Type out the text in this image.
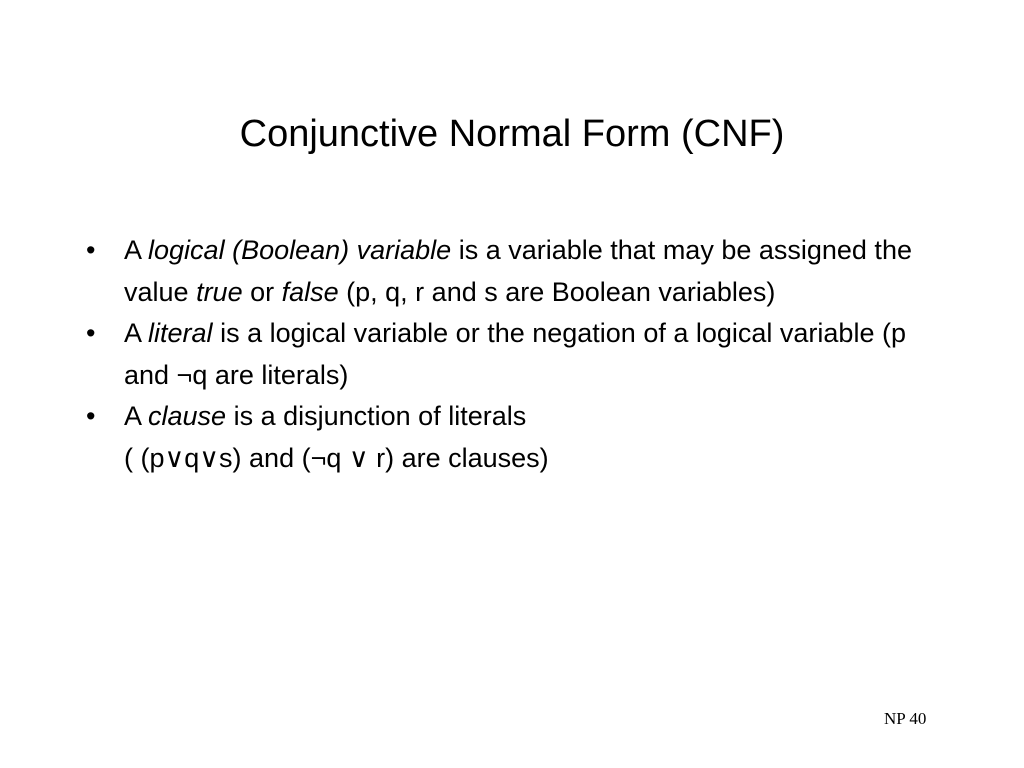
Conjunctive Normal Form (CNF)
• A logical (Boolean) variable is a variable that may be assigned the value true or false (p, q, r and s are Boolean variables)
• A literal is a logical variable or the negation of a logical variable (p and ¬q are literals)
• A clause is a disjunction of literals
( (p∨q∨s) and (¬q ∨ r) are clauses)
NP 40
